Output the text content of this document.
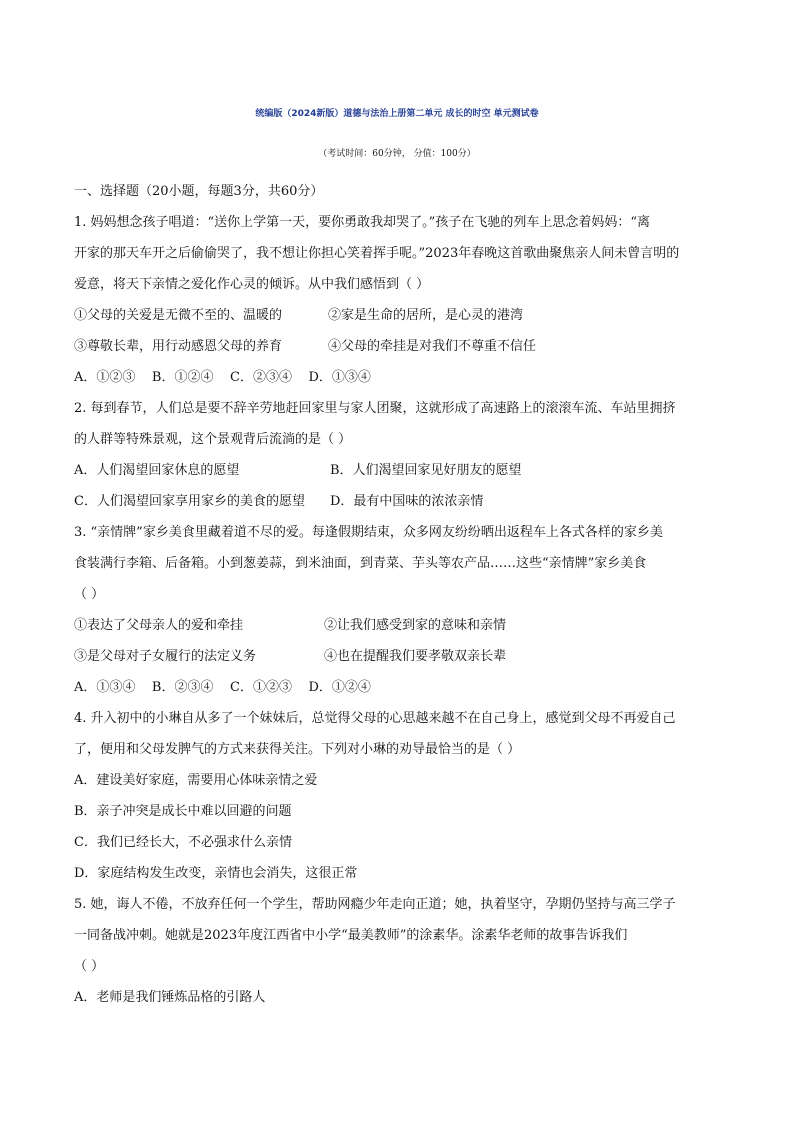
统编版（2024新版）道德与法治上册第二单元 成长的时空 单元测试卷
（考试时间：60分钟， 分值：100分）
一、选择题（20小题，每题3分，共60分）
1. 妈妈想念孩子唱道：“送你上学第一天，要你勇敢我却哭了。”孩子在飞驰的列车上思念着妈妈：“离
开家的那天车开之后偷偷哭了，我不想让你担心笑着挥手呢。”2023年春晚这首歌曲聚焦亲人间未曾言明的
爱意，将天下亲情之爱化作心灵的倾诉。从中我们感悟到（ ）
①父母的关爱是无微不至的、温暖的	②家是生命的居所，是心灵的港湾
③尊敬长辈，用行动感恩父母的养育	④父母的牵挂是对我们不尊重不信任
A．①②③ B．①②④ C．②③④ D．①③④
2. 每到春节，人们总是要不辞辛劳地赶回家里与家人团聚，这就形成了高速路上的滚滚车流、车站里拥挤
的人群等特殊景观，这个景观背后流淌的是（ ）
A．人们渴望回家休息的愿望	B．人们渴望回家见好朋友的愿望
C．人们渴望回家享用家乡的美食的愿望	D．最有中国味的浓浓亲情
3. “亲情牌”家乡美食里藏着道不尽的爱。每逢假期结束，众多网友纷纷晒出返程车上各式各样的家乡美
食装满行李箱、后备箱。小到葱姜蒜，到米油面，到青菜、芋头等农产品……这些“亲情牌”家乡美食
（ ）
①表达了父母亲人的爱和牵挂	②让我们感受到家的意味和亲情
③是父母对子女履行的法定义务	④也在提醒我们要孝敬双亲长辈
A．①③④ B．②③④ C．①②③ D．①②④
4. 升入初中的小琳自从多了一个妹妹后，总觉得父母的心思越来越不在自己身上，感觉到父母不再爱自己
了，便用和父母发脾气的方式来获得关注。下列对小琳的劝导最恰当的是（ ）
A．建设美好家庭，需要用心体味亲情之爱
B．亲子冲突是成长中难以回避的问题
C．我们已经长大，不必强求什么亲情
D．家庭结构发生改变，亲情也会消失，这很正常
5. 她，诲人不倦，不放弃任何一个学生，帮助网瘾少年走向正道；她，执着坚守，孕期仍坚持与高三学子
一同备战冲刺。她就是2023年度江西省中小学“最美教师”的涂素华。涂素华老师的故事告诉我们
（ ）
A．老师是我们锤炼品格的引路人
